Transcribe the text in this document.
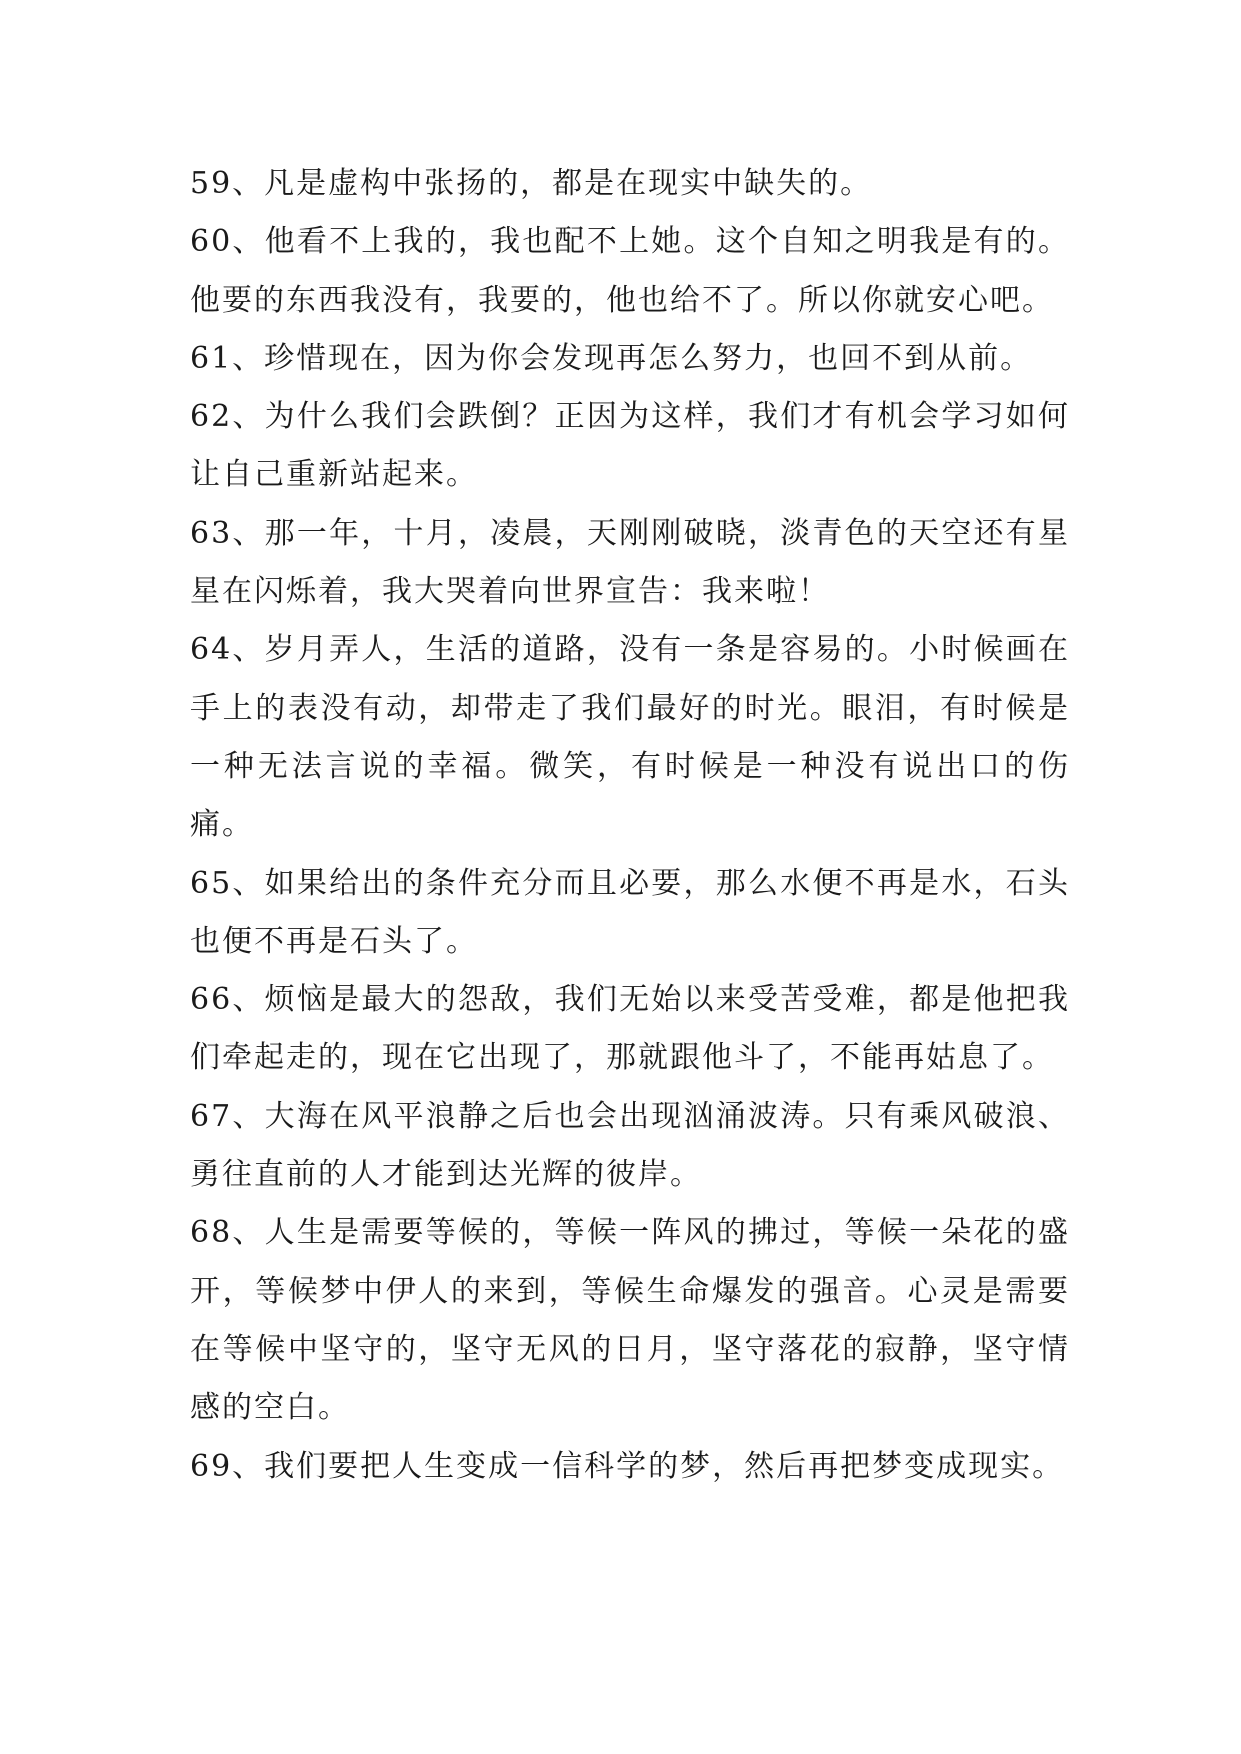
59、凡是虚构中张扬的，都是在现实中缺失的。

60、他看不上我的，我也配不上她。这个自知之明我是有的。他要的东西我没有，我要的，他也给不了。所以你就安心吧。

61、珍惜现在，因为你会发现再怎么努力，也回不到从前。

62、为什么我们会跌倒？正因为这样，我们才有机会学习如何让自己重新站起来。

63、那一年，十月，凌晨，天刚刚破晓，淡青色的天空还有星星在闪烁着，我大哭着向世界宣告：我来啦！

64、岁月弄人，生活的道路，没有一条是容易的。小时候画在手上的表没有动，却带走了我们最好的时光。眼泪，有时候是一种无法言说的幸福。微笑，有时候是一种没有说出口的伤痛。

65、如果给出的条件充分而且必要，那么水便不再是水，石头也便不再是石头了。

66、烦恼是最大的怨敌，我们无始以来受苦受难，都是他把我们牵起走的，现在它出现了，那就跟他斗了，不能再姑息了。

67、大海在风平浪静之后也会出现汹涌波涛。只有乘风破浪、勇往直前的人才能到达光辉的彼岸。

68、人生是需要等候的，等候一阵风的拂过，等候一朵花的盛开，等候梦中伊人的来到，等候生命爆发的强音。心灵是需要在等候中坚守的，坚守无风的日月，坚守落花的寂静，坚守情感的空白。

69、我们要把人生变成一信科学的梦，然后再把梦变成现实。
